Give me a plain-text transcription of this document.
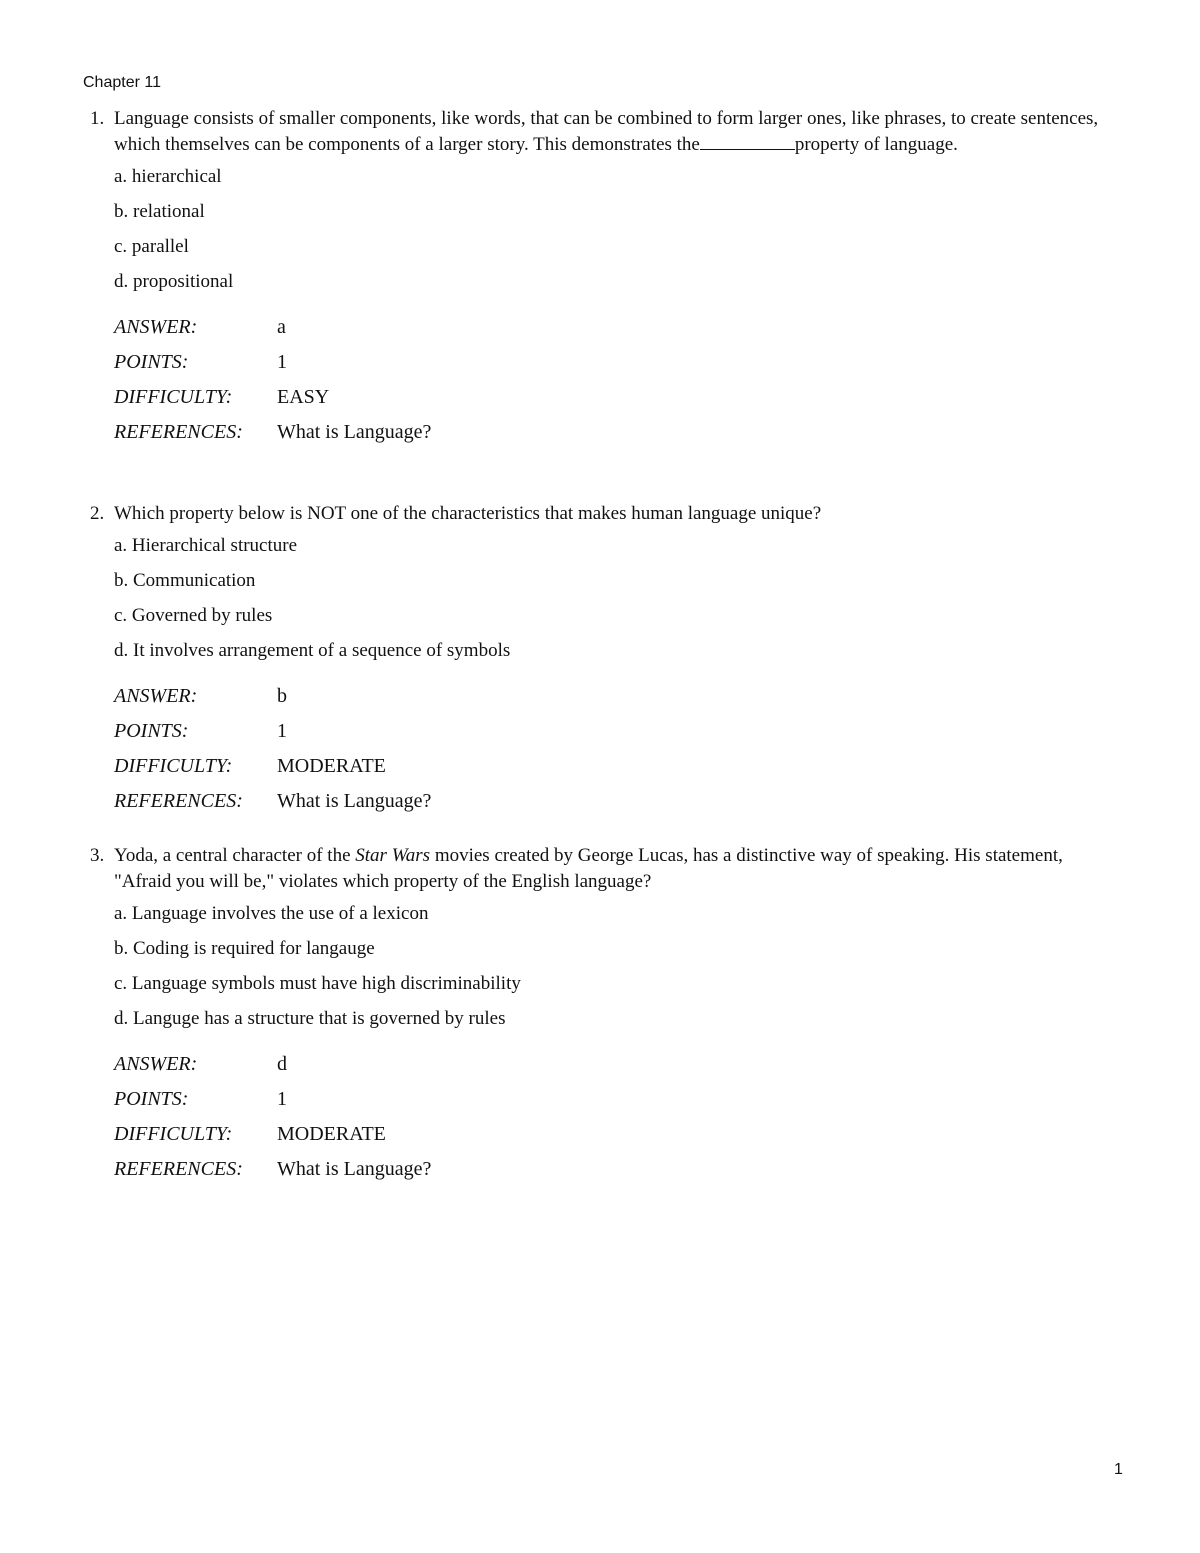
Chapter 11
1. Language consists of smaller components, like words, that can be combined to form larger ones, like phrases, to create sentences, which themselves can be components of a larger story. This demonstrates the	property of language.
a. hierarchical
b. relational
c. parallel
d. propositional
ANSWER:	a
POINTS:	1
DIFFICULTY:	EASY
REFERENCES:	What is Language?
2. Which property below is NOT one of the characteristics that makes human language unique?
a. Hierarchical structure
b. Communication
c. Governed by rules
d. It involves arrangement of a sequence of symbols
ANSWER:	b
POINTS:	1
DIFFICULTY:	MODERATE
REFERENCES:	What is Language?
3. Yoda, a central character of the Star Wars movies created by George Lucas, has a distinctive way of speaking. His statement, "Afraid you will be," violates which property of the English language?
a. Language involves the use of a lexicon
b. Coding is required for langauge
c. Language symbols must have high discriminability
d. Languge has a structure that is governed by rules
ANSWER:	d
POINTS:	1
DIFFICULTY:	MODERATE
REFERENCES:	What is Language?
1
